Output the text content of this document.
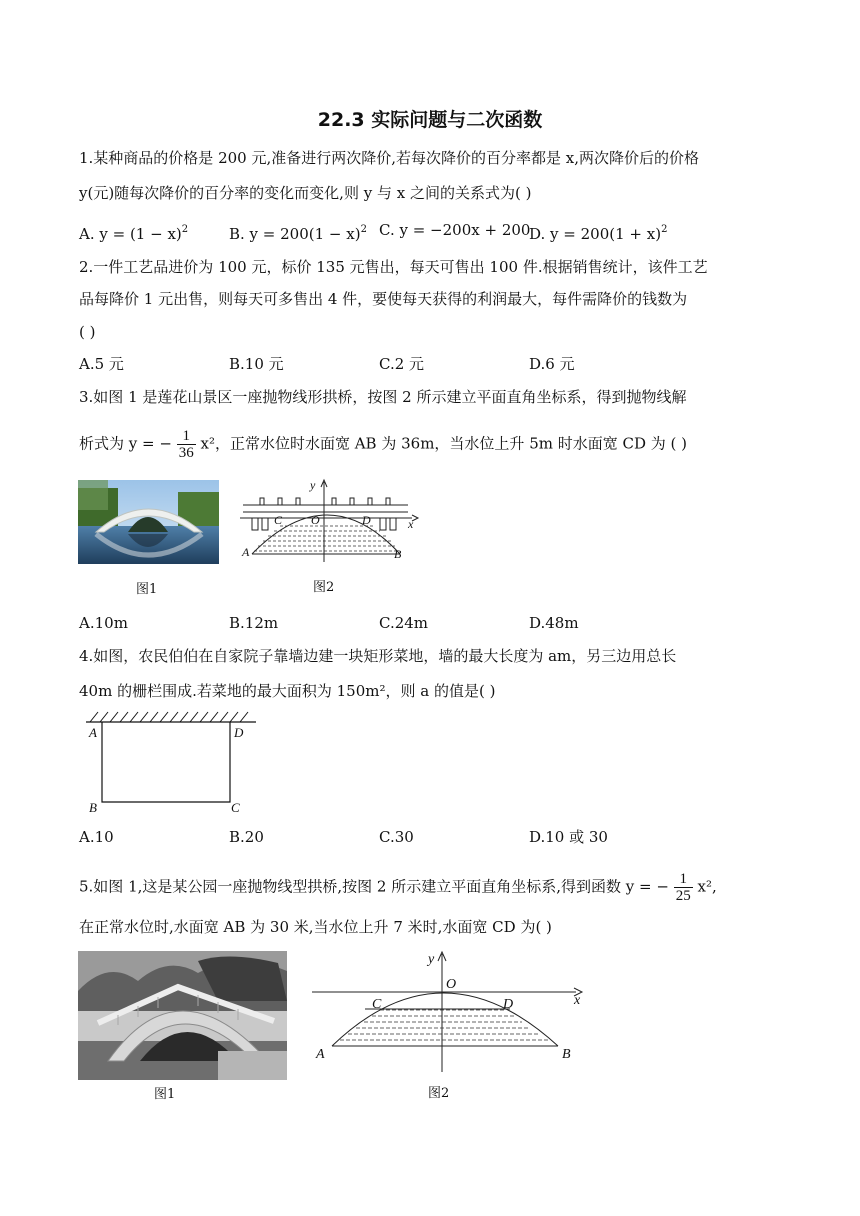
22.3 实际问题与二次函数
1.某种商品的价格是 200 元,准备进行两次降价,若每次降价的百分率都是 x,两次降价后的价格
y(元)随每次降价的百分率的变化而变化,则 y 与 x 之间的关系式为( )
A. $y = (1 - x)^2$	B. $y = 200(1 - x)^2$ C. y = −200x + 200
D. $y = 200(1 + x)^2$
2.一件工艺品进价为 100 元，标价 135 元售出，每天可售出 100 件.根据销售统计，该件工艺
品每降价 1 元出售，则每天可多售出 4 件，要使每天获得的利润最大，每件需降价的钱数为
( )
A.5 元	B.10 元	C.2 元	D.6 元
3.如图 1 是莲花山景区一座抛物线形拱桥，按图 2 所示建立平面直角坐标系，得到抛物线解
析式为 y = − $\frac{1}{36} x^2$，正常水位时水面宽 AB 为 36m，当水位上升 5m 时水面宽 CD 为 ( )
图1
y
x
O
C	D
A	B
图2
A.10m	B.12m	C.24m	D.48m
4.如图，农民伯伯在自家院子靠墙边建一块矩形菜地，墙的最大长度为 am，另三边用总长
40m 的栅栏围成.若菜地的最大面积为 150m²，则 a 的值是( )
A	D
B	C
A.10	B.20	C.30	D.10 或 30
5.如图 1,这是某公园一座抛物线型拱桥,按图 2 所示建立平面直角坐标系,得到函数 y = − $\frac{1}{25} x^2$,
在正常水位时,水面宽 AB 为 30 米,当水位上升 7 米时,水面宽 CD 为( )
图1
y
x
O
C	D
A	B
图2
